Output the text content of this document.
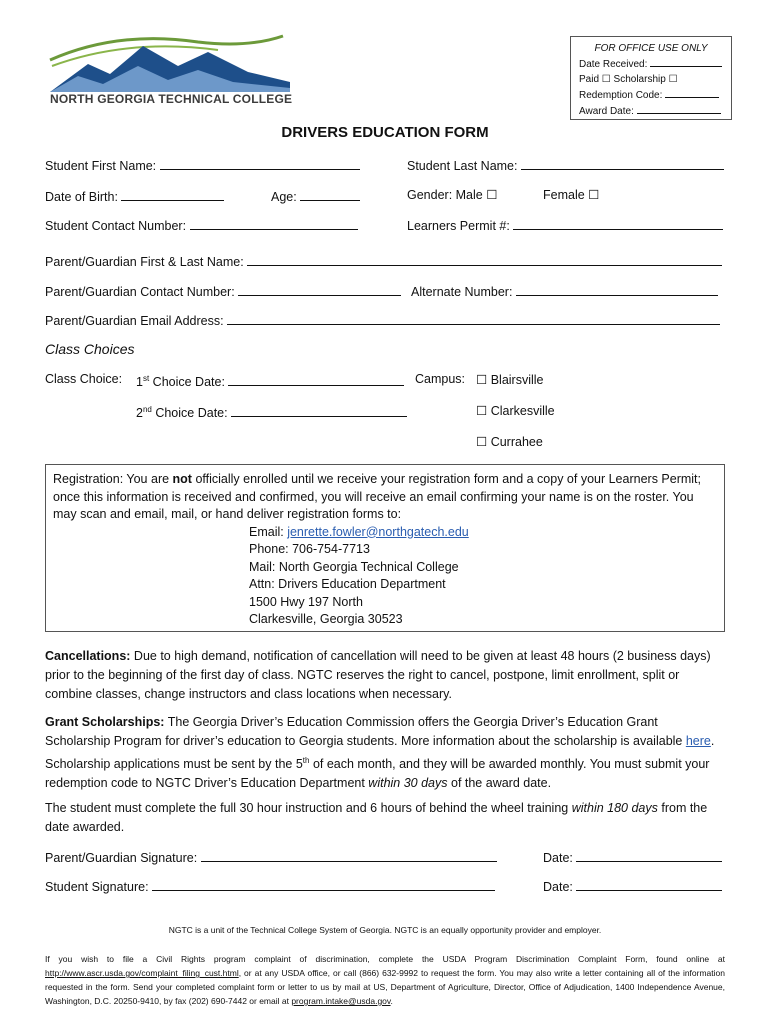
NORTH GEORGIA TECHNICAL COLLEGE
FOR OFFICE USE ONLY
Date Received:
Paid ☐ Scholarship ☐
Redemption Code:
Award Date:
DRIVERS EDUCATION FORM
Student First Name:	Student Last Name:
Date of Birth:	Age:	Gender: Male ☐	Female ☐
Student Contact Number:	Learners Permit #:
Parent/Guardian First & Last Name:
Parent/Guardian Contact Number:	Alternate Number:
Parent/Guardian Email Address:
Class Choices
Class Choice: 1st Choice Date:	Campus: ☐ Blairsville
2nd Choice Date:	☐ Clarkesville
☐ Currahee
Registration: You are not officially enrolled until we receive your registration form and a copy of your Learners Permit; once this information is received and confirmed, you will receive an email confirming your name is on the roster. You may scan and email, mail, or hand deliver registration forms to:
Email: jenrette.fowler@northgatech.edu
Phone: 706-754-7713
Mail: North Georgia Technical College
Attn: Drivers Education Department
1500 Hwy 197 North
Clarkesville, Georgia 30523
Cancellations: Due to high demand, notification of cancellation will need to be given at least 48 hours (2 business days) prior to the beginning of the first day of class. NGTC reserves the right to cancel, postpone, limit enrollment, split or combine classes, change instructors and class locations when necessary.
Grant Scholarships: The Georgia Driver’s Education Commission offers the Georgia Driver’s Education Grant Scholarship Program for driver’s education to Georgia students. More information about the scholarship is available here. Scholarship applications must be sent by the 5th of each month, and they will be awarded monthly. You must submit your redemption code to NGTC Driver’s Education Department within 30 days of the award date.
The student must complete the full 30 hour instruction and 6 hours of behind the wheel training within 180 days from the date awarded.
Parent/Guardian Signature:	Date:
Student Signature:	Date:
NGTC is a unit of the Technical College System of Georgia. NGTC is an equally opportunity provider and employer.
If you wish to file a Civil Rights program complaint of discrimination, complete the USDA Program Discrimination Complaint Form, found online at http://www.ascr.usda.gov/complaint_filing_cust.html, or at any USDA office, or call (866) 632-9992 to request the form. You may also write a letter containing all of the information requested in the form. Send your completed complaint form or letter to us by mail at US, Department of Agriculture, Director, Office of Adjudication, 1400 Independence Avenue, Washington, D.C. 20250-9410, by fax (202) 690-7442 or email at program.intake@usda.gov.
